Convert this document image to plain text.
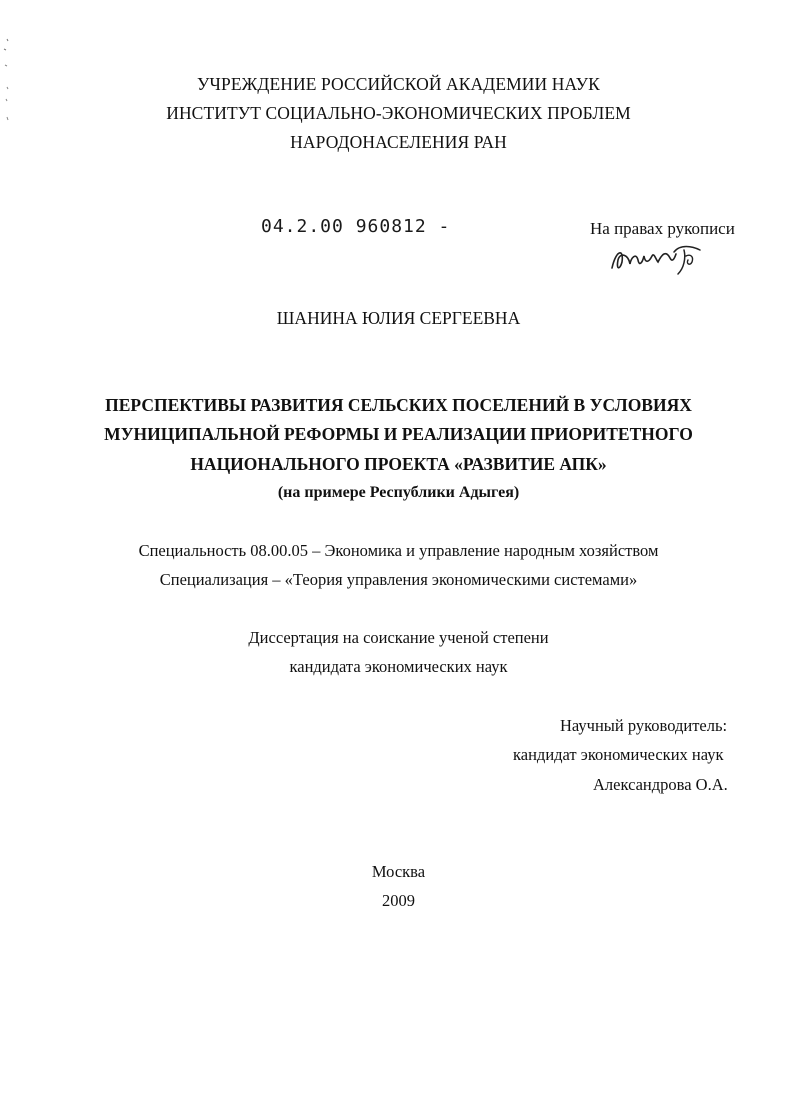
УЧРЕЖДЕНИЕ РОССИЙСКОЙ АКАДЕМИИ НАУК
ИНСТИТУТ СОЦИАЛЬНО-ЭКОНОМИЧЕСКИХ ПРОБЛЕМ
НАРОДОНАСЕЛЕНИЯ РАН
04.2.00 960812 -	На правах рукописи
ШАНИНА ЮЛИЯ СЕРГЕЕВНА
ПЕРСПЕКТИВЫ РАЗВИТИЯ СЕЛЬСКИХ ПОСЕЛЕНИЙ В УСЛОВИЯХ
МУНИЦИПАЛЬНОЙ РЕФОРМЫ И РЕАЛИЗАЦИИ ПРИОРИТЕТНОГО
НАЦИОНАЛЬНОГО ПРОЕКТА «РАЗВИТИЕ АПК»
(на примере Республики Адыгея)
Специальность 08.00.05 – Экономика и управление народным хозяйством
Специализация – «Теория управления экономическими системами»
Диссертация на соискание ученой степени
кандидата экономических наук
Научный руководитель:
кандидат экономических наук
Александрова О.А.
Москва
2009
